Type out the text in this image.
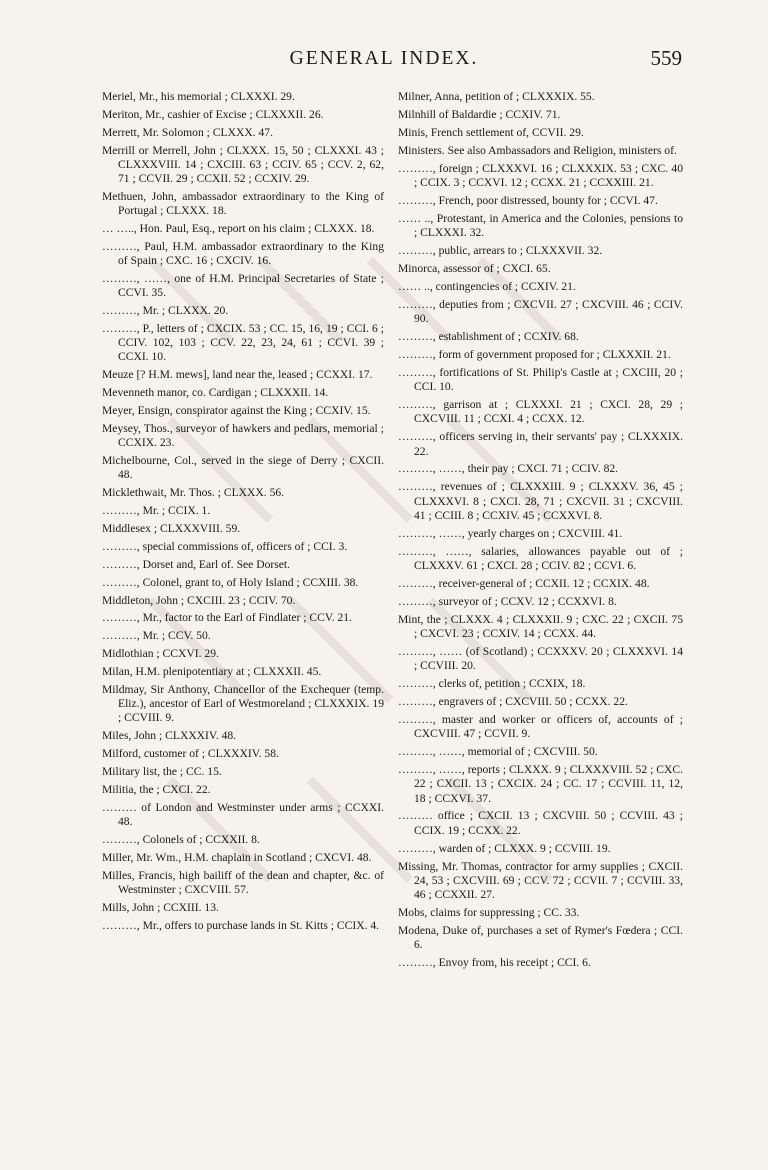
GENERAL INDEX.	559
Meriel, Mr., his memorial ; CLXXXI. 29.
Meriton, Mr., cashier of Excise ; CLXXXII. 26.
Merrett, Mr. Solomon ; CLXXX. 47.
Merrill or Merrell, John ; CLXXX. 15, 50 ; CLXXXI. 43 ; CLXXXVIII. 14 ; CXCIII. 63 ; CCIV. 65 ; CCV. 2, 62, 71 ; CCVII. 29 ; CCXII. 52 ; CCXIV. 29.
Methuen, John, ambassador extraordinary to the King of Portugal ; CLXXX. 18.
… ….., Hon. Paul, Esq., report on his claim ; CLXXX. 18.
………, Paul, H.M. ambassador extraordinary to the King of Spain ; CXC. 16 ; CXCIV. 16.
………, ……, one of H.M. Principal Secretaries of State ; CCVI. 35.
………, Mr. ; CLXXX. 20.
………, P., letters of ; CXCIX. 53 ; CC. 15, 16, 19 ; CCI. 6 ; CCIV. 102, 103 ; CCV. 22, 23, 24, 61 ; CCVI. 39 ; CCXI. 10.
Meuze [? H.M. mews], land near the, leased ; CCXXI. 17.
Mevenneth manor, co. Cardigan ; CLXXXII. 14.
Meyer, Ensign, conspirator against the King ; CCXIV. 15.
Meysey, Thos., surveyor of hawkers and pedlars, memorial ; CCXIX. 23.
Michelbourne, Col., served in the siege of Derry ; CXCII. 48.
Micklethwait, Mr. Thos. ; CLXXX. 56.
………, Mr. ; CCIX. 1.
Middlesex ; CLXXXVIII. 59.
………, special commissions of, officers of ; CCI. 3.
………, Dorset and, Earl of. See Dorset.
………, Colonel, grant to, of Holy Island ; CCXIII. 38.
Middleton, John ; CXCIII. 23 ; CCIV. 70.
………, Mr., factor to the Earl of Findlater ; CCV. 21.
………, Mr. ; CCV. 50.
Midlothian ; CCXVI. 29.
Milan, H.M. plenipotentiary at ; CLXXXII. 45.
Mildmay, Sir Anthony, Chancellor of the Exchequer (temp. Eliz.), ancestor of Earl of Westmoreland ; CLXXXIX. 19 ; CCVIII. 9.
Miles, John ; CLXXXIV. 48.
Milford, customer of ; CLXXXIV. 58.
Military list, the ; CC. 15.
Militia, the ; CXCI. 22.
……… of London and Westminster under arms ; CCXXI. 48.
………, Colonels of ; CCXXII. 8.
Miller, Mr. Wm., H.M. chaplain in Scotland ; CXCVI. 48.
Milles, Francis, high bailiff of the dean and chapter, &c. of Westminster ; CXCVIII. 57.
Mills, John ; CCXIII. 13.
………, Mr., offers to purchase lands in St. Kitts ; CCIX. 4.
Milner, Anna, petition of ; CLXXXIX. 55.
Milnhill of Baldardie ; CCXIV. 71.
Minis, French settlement of, CCVII. 29.
Ministers. See also Ambassadors and Religion, ministers of.
………, foreign ; CLXXXVI. 16 ; CLXXXIX. 53 ; CXC. 40 ; CCIX. 3 ; CCXVI. 12 ; CCXX. 21 ; CCXXIII. 21.
………, French, poor distressed, bounty for ; CCVI. 47.
…… .., Protestant, in America and the Colonies, pensions to ; CLXXXI. 32.
………, public, arrears to ; CLXXXVII. 32.
Minorca, assessor of ; CXCI. 65.
…… .., contingencies of ; CCXIV. 21.
………, deputies from ; CXCVII. 27 ; CXCVIII. 46 ; CCIV. 90.
………, establishment of ; CCXIV. 68.
………, form of government proposed for ; CLXXXII. 21.
………, fortifications of St. Philip's Castle at ; CXCIII, 20 ; CCI. 10.
………, garrison at ; CLXXXI. 21 ; CXCI. 28, 29 ; CXCVIII. 11 ; CCXI. 4 ; CCXX. 12.
………, officers serving in, their servants' pay ; CLXXXIX. 22.
………, ……, their pay ; CXCI. 71 ; CCIV. 82.
………, revenues of ; CLXXXIII. 9 ; CLXXXV. 36, 45 ; CLXXXVI. 8 ; CXCI. 28, 71 ; CXCVII. 31 ; CXCVIII. 41 ; CCIII. 8 ; CCXIV. 45 ; CCXXVI. 8.
………, ……, yearly charges on ; CXCVIII. 41.
………, ……, salaries, allowances payable out of ; CLXXXV. 61 ; CXCI. 28 ; CCIV. 82 ; CCVI. 6.
………, receiver-general of ; CCXII. 12 ; CCXIX. 48.
………, surveyor of ; CCXV. 12 ; CCXXVI. 8.
Mint, the ; CLXXX. 4 ; CLXXXII. 9 ; CXC. 22 ; CXCII. 75 ; CXCVI. 23 ; CCXIV. 14 ; CCXX. 44.
………, …… (of Scotland) ; CCXXXV. 20 ; CLXXXVI. 14 ; CCVIII. 20.
………, clerks of, petition ; CCXIX, 18.
………, engravers of ; CXCVIII. 50 ; CCXX. 22.
………, master and worker or officers of, accounts of ; CXCVIII. 47 ; CCVII. 9.
………, ……, memorial of ; CXCVIII. 50.
………, ……, reports ; CLXXX. 9 ; CLXXXVIII. 52 ; CXC. 22 ; CXCII. 13 ; CXCIX. 24 ; CC. 17 ; CCVIII. 11, 12, 18 ; CCXVI. 37.
……… office ; CXCII. 13 ; CXCVIII. 50 ; CCVIII. 43 ; CCIX. 19 ; CCXX. 22.
………, warden of ; CLXXX. 9 ; CCVIII. 19.
Missing, Mr. Thomas, contractor for army supplies ; CXCII. 24, 53 ; CXCVIII. 69 ; CCV. 72 ; CCVII. 7 ; CCVIII. 33, 46 ; CCXXII. 27.
Mobs, claims for suppressing ; CC. 33.
Modena, Duke of, purchases a set of Rymer's Fœdera ; CCI. 6.
………, Envoy from, his receipt ; CCI. 6.
